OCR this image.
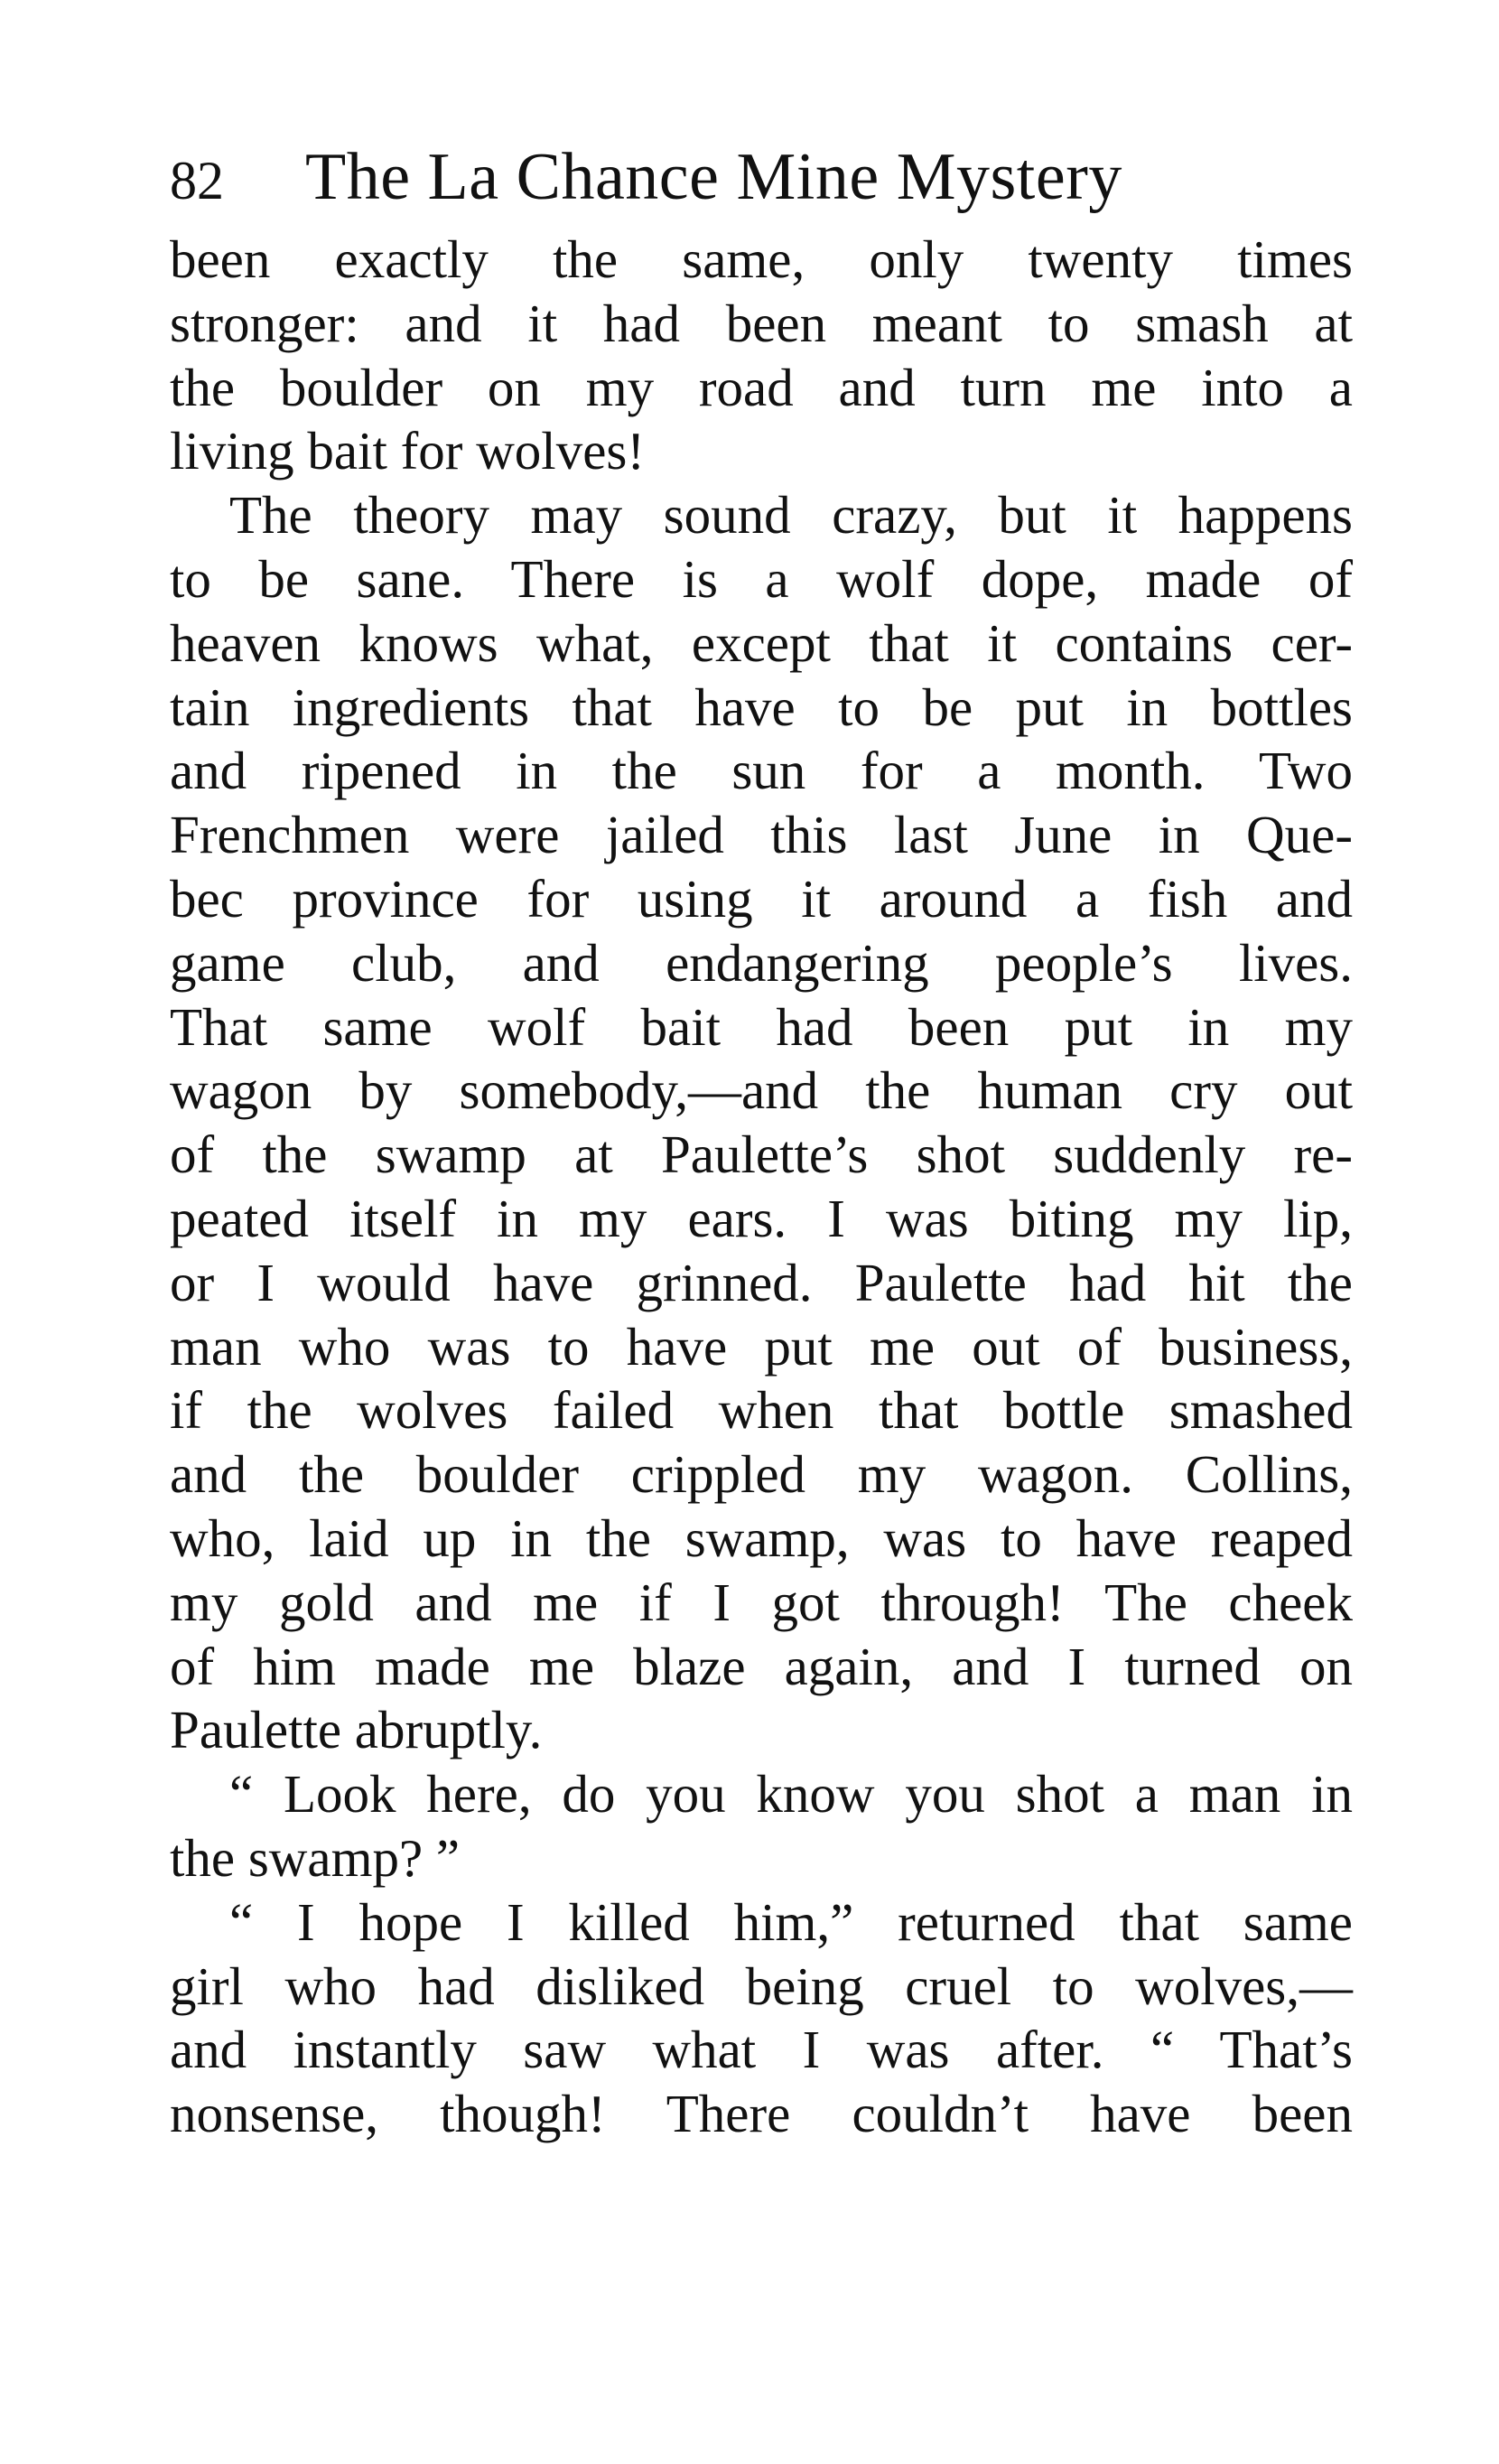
82	The La Chance Mine Mystery
been exactly the same, only twenty times
stronger: and it had been meant to smash at
the boulder on my road and turn me into a
living bait for wolves!
The theory may sound crazy, but it happens
to be sane. There is a wolf dope, made of
heaven knows what, except that it contains cer-
tain ingredients that have to be put in bottles
and ripened in the sun for a month. Two
Frenchmen were jailed this last June in Que-
bec province for using it around a fish and
game club, and endangering people’s lives.
That same wolf bait had been put in my
wagon by somebody,—and the human cry out
of the swamp at Paulette’s shot suddenly re-
peated itself in my ears. I was biting my lip,
or I would have grinned. Paulette had hit the
man who was to have put me out of business,
if the wolves failed when that bottle smashed
and the boulder crippled my wagon. Collins,
who, laid up in the swamp, was to have reaped
my gold and me if I got through! The cheek
of him made me blaze again, and I turned on
Paulette abruptly.
“ Look here, do you know you shot a man in
the swamp? ”
“ I hope I killed him,” returned that same
girl who had disliked being cruel to wolves,—
and instantly saw what I was after. “ That’s
nonsense, though! There couldn’t have been
